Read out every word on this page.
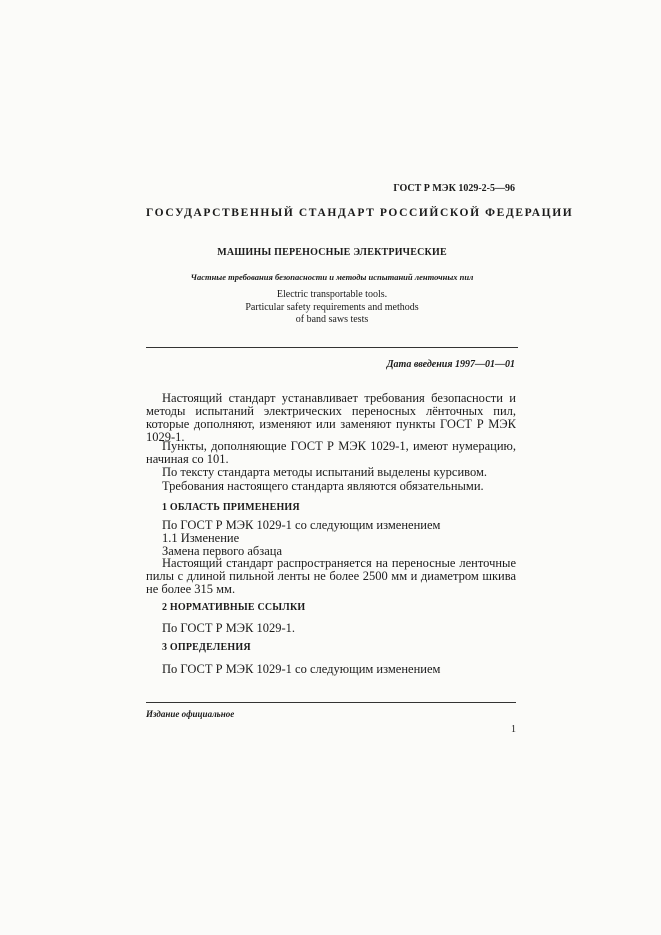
ГОСТ Р МЭК 1029-2-5—96
ГОСУДАРСТВЕННЫЙ СТАНДАРТ РОССИЙСКОЙ ФЕДЕРАЦИИ
МАШИНЫ ПЕРЕНОСНЫЕ ЭЛЕКТРИЧЕСКИЕ
Частные требования безопасности и методы испытаний ленточных пил
Electric transportable tools.
Particular safety requirements and methods
of band saws tests
Дата введения 1997—01—01
Настоящий стандарт устанавливает требования безопасности и методы испытаний электрических переносных лёнточных пил, которые дополняют, изменяют или заменяют пункты ГОСТ Р МЭК 1029-1.
Пункты, дополняющие ГОСТ Р МЭК 1029-1, имеют нумерацию, начиная со 101.
По тексту стандарта методы испытаний выделены курсивом.
Требования настоящего стандарта являются обязательными.
1 ОБЛАСТЬ ПРИМЕНЕНИЯ
По ГОСТ Р МЭК 1029-1 со следующим изменением
1.1 Изменение
Замена первого абзаца
Настоящий стандарт распространяется на переносные ленточные пилы с длиной пильной ленты не более 2500 мм и диаметром шкива не более 315 мм.
2 НОРМАТИВНЫЕ ССЫЛКИ
По ГОСТ Р МЭК 1029-1.
3 ОПРЕДЕЛЕНИЯ
По ГОСТ Р МЭК 1029-1 со следующим изменением
Издание официальное
1
